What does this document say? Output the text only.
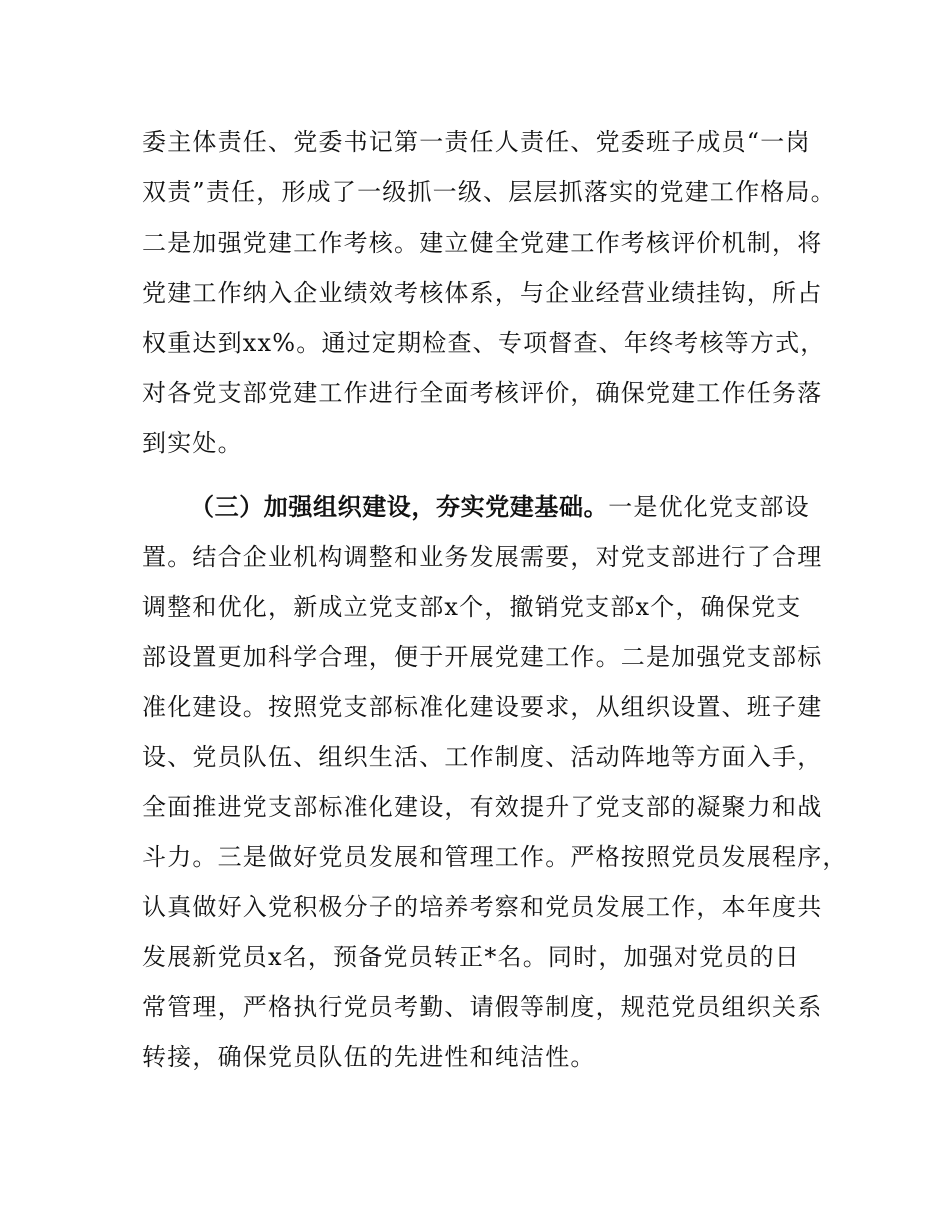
委主体责任、党委书记第一责任人责任、党委班子成员“一岗
双责”责任，形成了一级抓一级、层层抓落实的党建工作格局。
二是加强党建工作考核。建立健全党建工作考核评价机制，将
党建工作纳入企业绩效考核体系，与企业经营业绩挂钩，所占
权重达到xx%。通过定期检查、专项督查、年终考核等方式，
对各党支部党建工作进行全面考核评价，确保党建工作任务落
到实处。
（三）加强组织建设，夯实党建基础。一是优化党支部设
置。结合企业机构调整和业务发展需要，对党支部进行了合理
调整和优化，新成立党支部x个，撤销党支部x个，确保党支
部设置更加科学合理，便于开展党建工作。二是加强党支部标
准化建设。按照党支部标准化建设要求，从组织设置、班子建
设、党员队伍、组织生活、工作制度、活动阵地等方面入手，
全面推进党支部标准化建设，有效提升了党支部的凝聚力和战
斗力。三是做好党员发展和管理工作。严格按照党员发展程序，
认真做好入党积极分子的培养考察和党员发展工作，本年度共
发展新党员x名，预备党员转正*名。同时，加强对党员的日
常管理，严格执行党员考勤、请假等制度，规范党员组织关系
转接，确保党员队伍的先进性和纯洁性。
